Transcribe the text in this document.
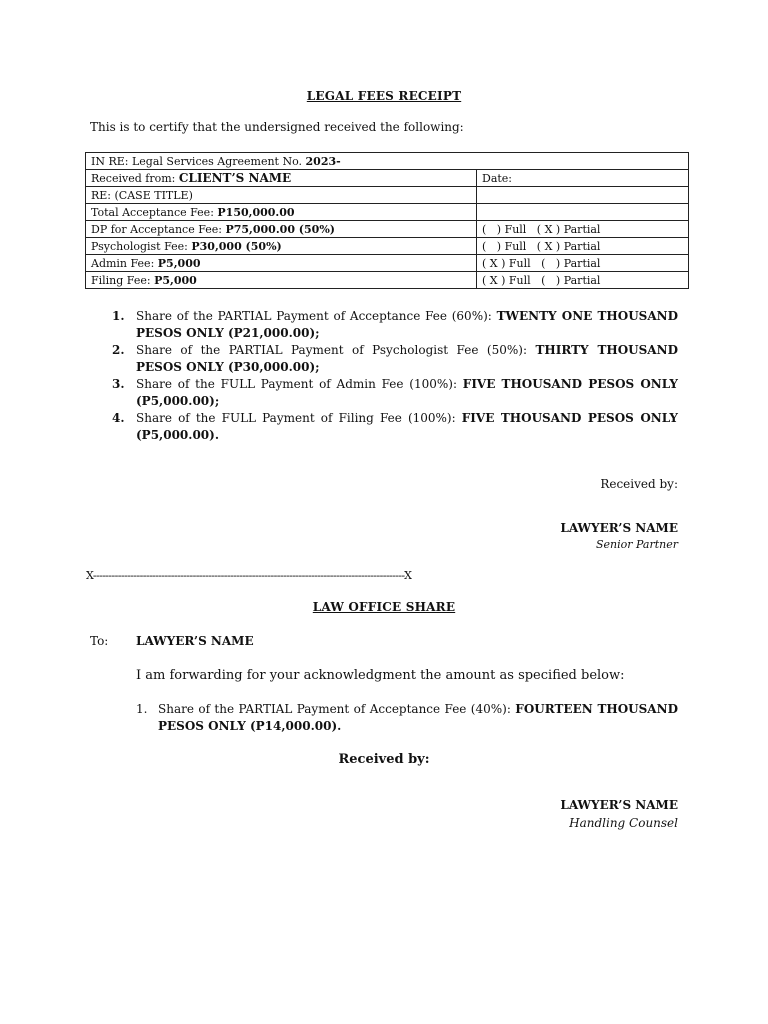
LEGAL FEES RECEIPT
This is to certify that the undersigned received the following:
IN RE: Legal Services Agreement No. 2023-	
Received from: CLIENT’S NAME	Date:
RE: (CASE TITLE)	
Total Acceptance Fee: P150,000.00	
DP for Acceptance Fee: P75,000.00 (50%)	(   ) Full   ( X ) Partial
Psychologist Fee: P30,000 (50%)	(   ) Full   ( X ) Partial
Admin Fee: P5,000	( X ) Full   (   ) Partial
Filing Fee: P5,000	( X ) Full   (   ) Partial
1. Share of the PARTIAL Payment of Acceptance Fee (60%): TWENTY ONE THOUSAND PESOS ONLY (P21,000.00);
2. Share of the PARTIAL Payment of Psychologist Fee (50%): THIRTY THOUSAND PESOS ONLY (P30,000.00);
3. Share of the FULL Payment of Admin Fee (100%): FIVE THOUSAND PESOS ONLY (P5,000.00);
4. Share of the FULL Payment of Filing Fee (100%): FIVE THOUSAND PESOS ONLY (P5,000.00).
Received by:
LAWYER’S NAME
Senior Partner
X----------------------------------------------------------------------------------------------------X
LAW OFFICE SHARE
To: LAWYER’S NAME
I am forwarding for your acknowledgment the amount as specified below:
1. Share of the PARTIAL Payment of Acceptance Fee (40%): FOURTEEN THOUSAND PESOS ONLY (P14,000.00).
Received by:
LAWYER’S NAME
Handling Counsel
